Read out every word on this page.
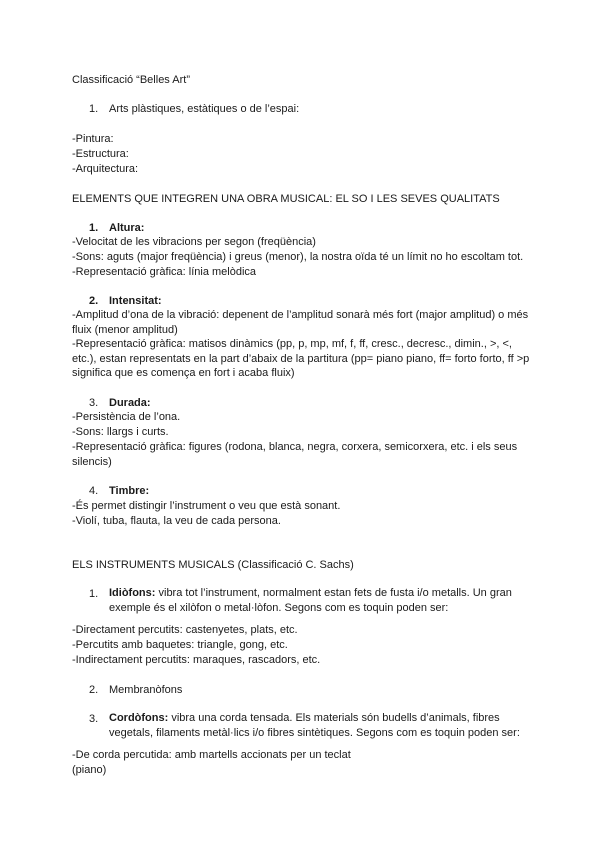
Classificació “Belles Art”
1. Arts plàstiques, estàtiques o de l’espai:
-Pintura:
-Estructura:
-Arquitectura:
ELEMENTS QUE INTEGREN UNA OBRA MUSICAL: EL SO I LES SEVES QUALITATS
1. Altura:
-Velocitat de les vibracions per segon (freqüència)
-Sons: aguts (major freqüència) i greus (menor), la nostra oïda té un límit no ho escoltam tot.
-Representació gràfica: línia melòdica
2. Intensitat:
-Amplitud d’ona de la vibració: depenent de l’amplitud sonarà més fort (major amplitud) o més fluix (menor amplitud)
-Representació gràfica: matisos dinàmics (pp, p, mp, mf, f, ff, cresc., decresc., dimin., >, <, etc.), estan representats en la part d’abaix de la partitura (pp= piano piano, ff= forto forto, ff >p significa que es comença en fort i acaba fluix)
3. Durada:
-Persistència de l’ona.
-Sons: llargs i curts.
-Representació gràfica: figures (rodona, blanca, negra, corxera, semicorxera, etc. i els seus silencis)
4. Timbre:
-És permet distingir l’instrument o veu que està sonant.
-Violí, tuba, flauta, la veu de cada persona.
ELS INSTRUMENTS MUSICALS (Classificació C. Sachs)
1. Idiòfons: vibra tot l’instrument, normalment estan fets de fusta i/o metalls. Un gran exemple és el xilòfon o metal·lòfon. Segons com es toquin poden ser:
-Directament percutits: castenyetes, plats, etc.
-Percutits amb baquetes: triangle, gong, etc.
-Indirectament percutits: maraques, rascadors, etc.
2. Membranòfons
3. Cordòfons: vibra una corda tensada. Els materials són budells d’animals, fibres vegetals, filaments metàl·lics i/o fibres sintètiques. Segons com es toquin poden ser:
-De corda percutida: amb martells accionats per un teclat
(piano)
